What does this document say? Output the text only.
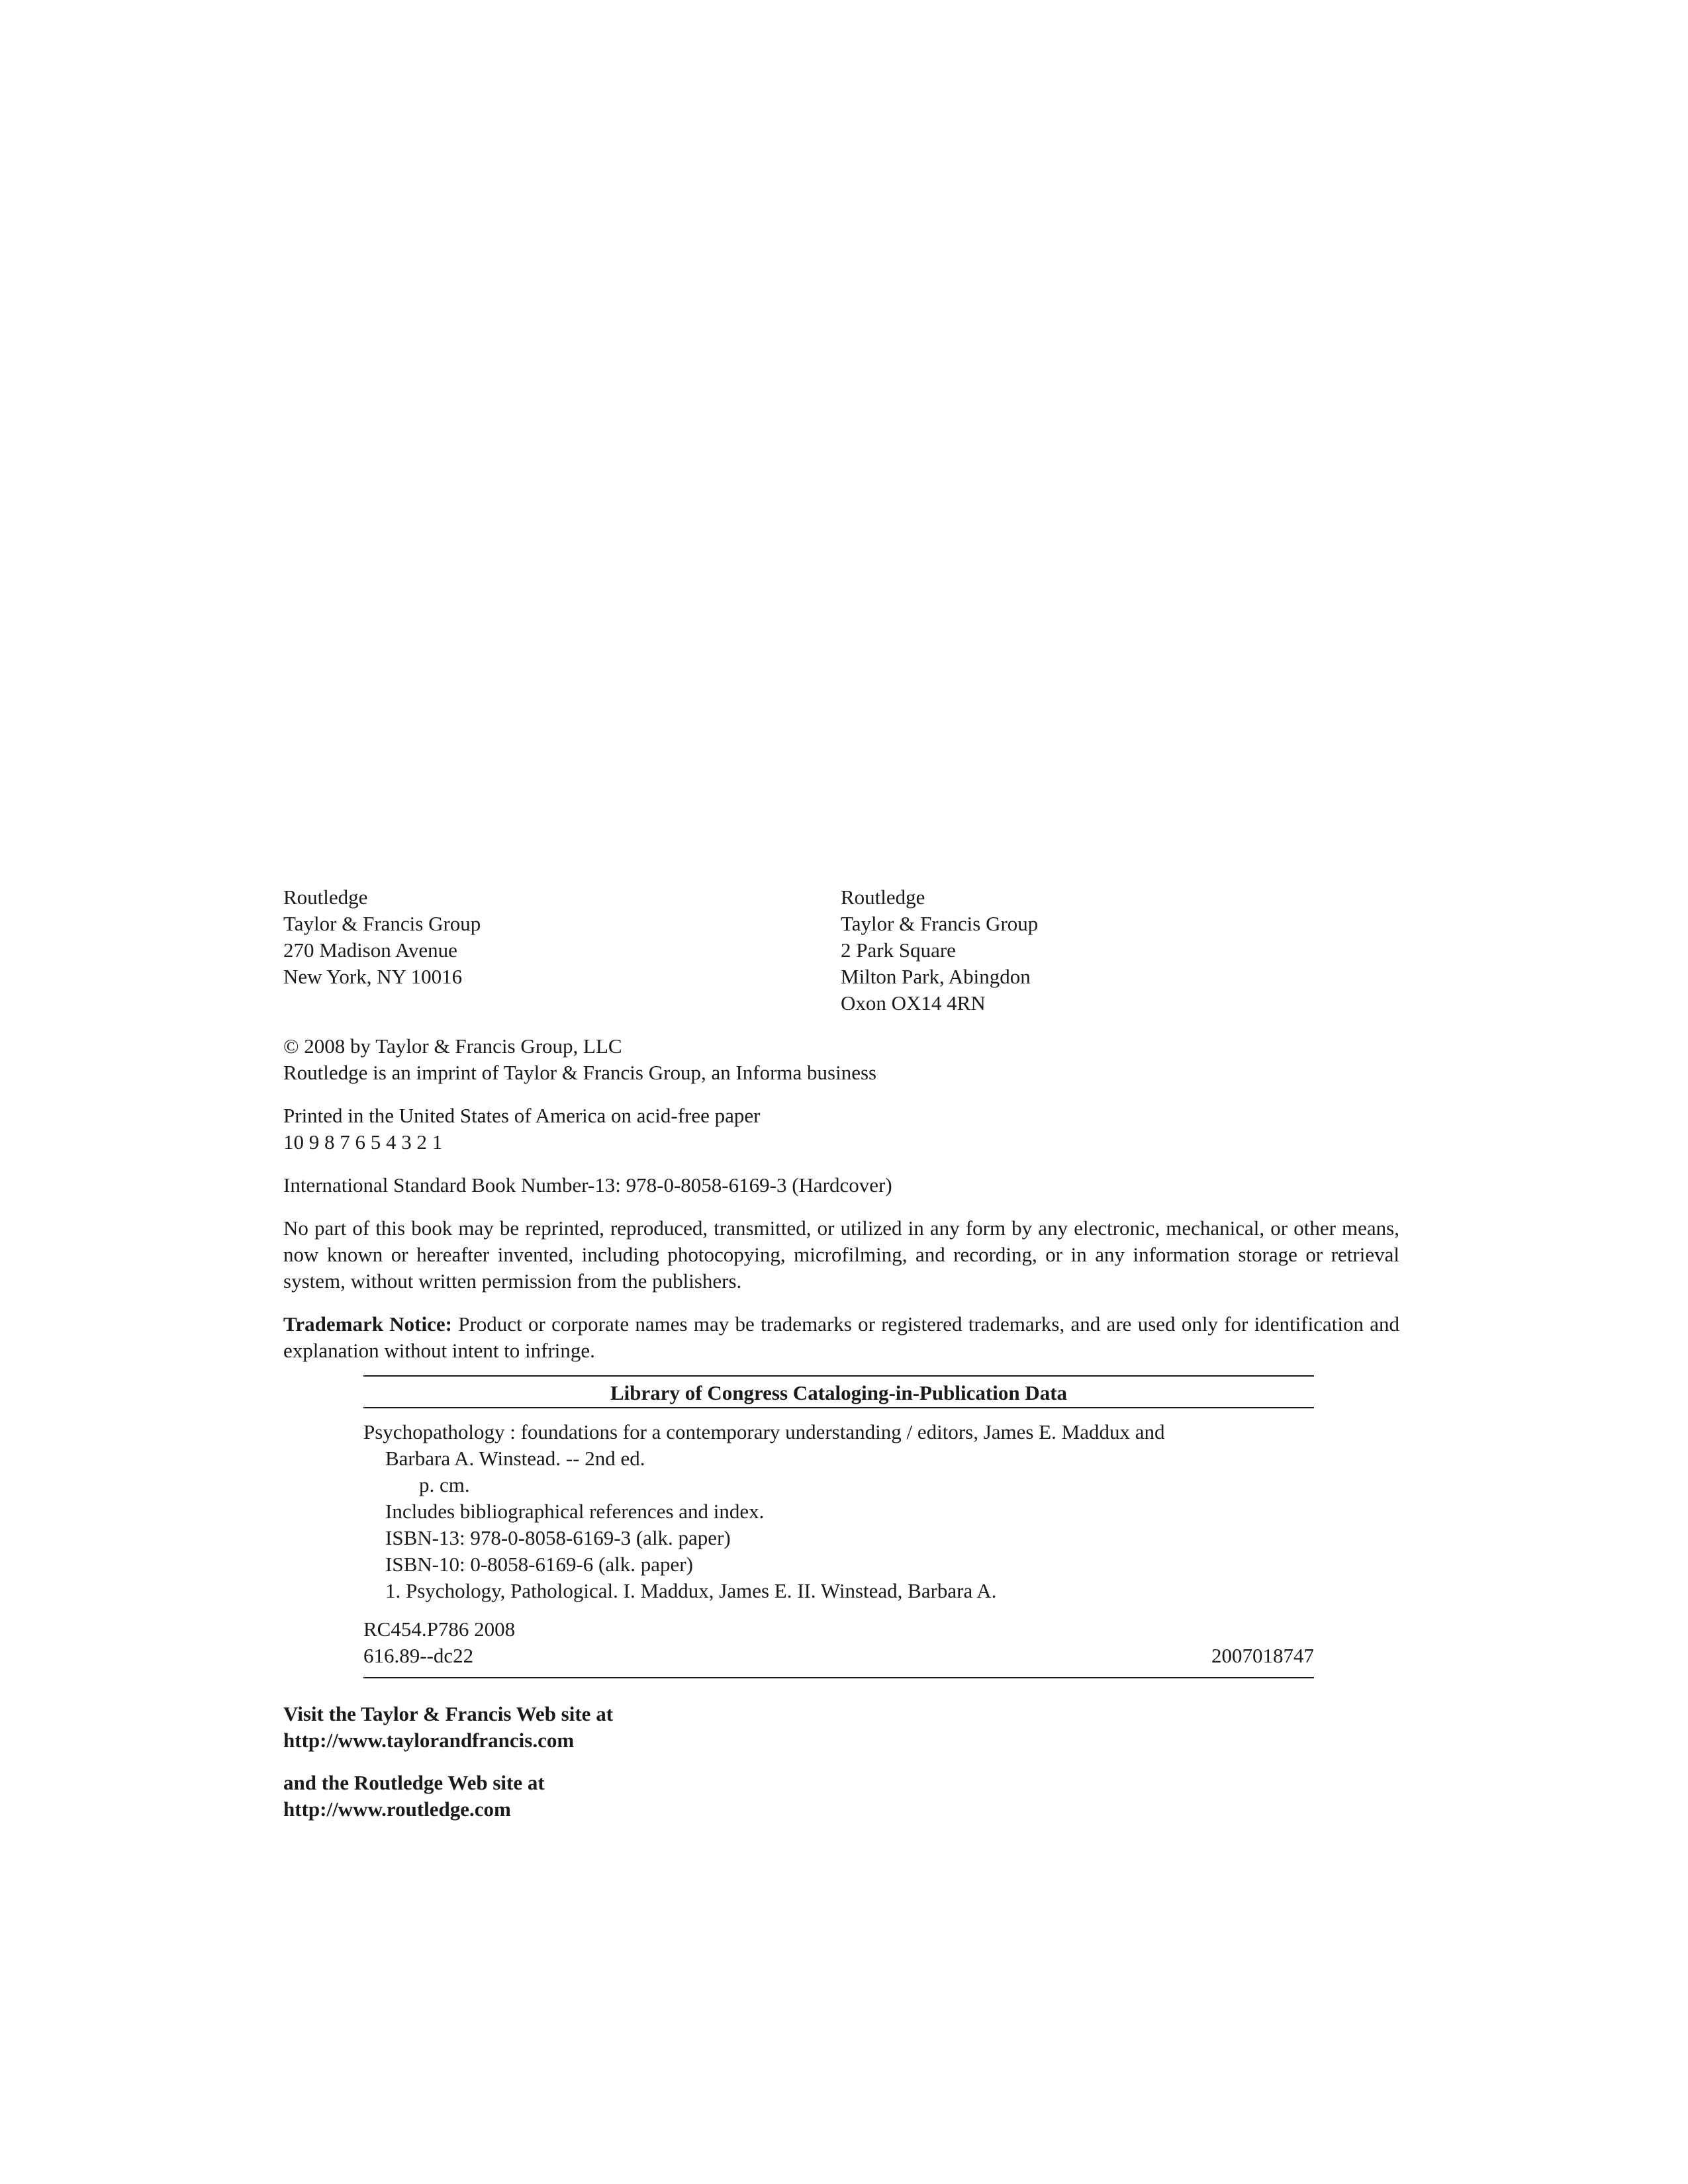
Routledge
Taylor & Francis Group
270 Madison Avenue
New York, NY 10016
Routledge
Taylor & Francis Group
2 Park Square
Milton Park, Abingdon
Oxon OX14 4RN
© 2008 by Taylor & Francis Group, LLC
Routledge is an imprint of Taylor & Francis Group, an Informa business
Printed in the United States of America on acid-free paper
10 9 8 7 6 5 4 3 2 1
International Standard Book Number-13: 978-0-8058-6169-3 (Hardcover)
No part of this book may be reprinted, reproduced, transmitted, or utilized in any form by any electronic, mechanical, or other means, now known or hereafter invented, including photocopying, microfilming, and recording, or in any information storage or retrieval system, without written permission from the publishers.
Trademark Notice: Product or corporate names may be trademarks or registered trademarks, and are used only for identification and explanation without intent to infringe.
Library of Congress Cataloging-in-Publication Data
Psychopathology : foundations for a contemporary understanding / editors, James E. Maddux and
Barbara A. Winstead. -- 2nd ed.
p. cm.
Includes bibliographical references and index.
ISBN-13: 978-0-8058-6169-3 (alk. paper)
ISBN-10: 0-8058-6169-6 (alk. paper)
1. Psychology, Pathological. I. Maddux, James E. II. Winstead, Barbara A.
RC454.P786 2008
616.89--dc22	2007018747
Visit the Taylor & Francis Web site at
http://www.taylorandfrancis.com
and the Routledge Web site at
http://www.routledge.com
